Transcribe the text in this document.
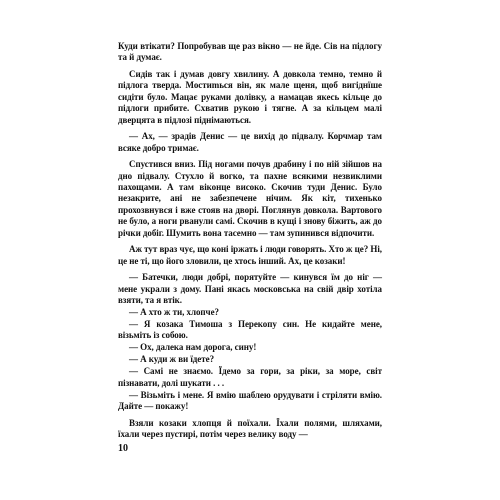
Куди втікати? Попробував ще раз вікно — не йде. Сів на підлогу та й думає.

Сидів так і думав довгу хвилину. А довкола темно, темно й підлога тверда. Мостиmься він, як мале щеня, щоб вигіднїше сидіти було. Мацає руками долівку, а намацав якесь кільце до підлоги прибите. Схватив рукою і тягне. А за кільцем малі дверцята в підлозі піднімаються.

— Ах, — зрадів Денис — це вихід до підвалу. Корчмар там всяке добро тримає.

Спустився вниз. Під ногами почув драбину і по ній зійшов на дно підвалу. Стухло й вогко, та пахне всякими незвиклими пахощами. А там віконце високо. Скочив туди Денис. Було незакрите, ані не забезпечене нічим. Як кіт, тихенько прохозвнувся і вже стояв на дворі. Поглянув довкола. Вартового не було, а ноги рванули самі. Скочив в кущі і знову біжить, аж до річки добіг. Шумить вона тасемно — там зупинився відпочити.

Аж тут враз чує, що коні іржать і люди говорять. Хто ж це? Ні, це не ті, що його зловили, це хтось інший. Ах, це козаки!

— Батечки, люди добрі, порятуйте — кинувся їм до ніг — мене украли з дому. Пані якась московська на свій двір хотіла взяти, та я втік.

— А хто ж ти, хлопче?

— Я козака Тимоша з Перекопу син. Не кидайте мене, візьміть із собою.

— Ох, далека нам дорога, сину!

— А куди ж ви їдете?

— Самі не знаємо. Їдемо за гори, за ріки, за море, світ пізнавати, долі шукати . . .

— Візьміть і мене. Я вмію шаблею орудувати і стріляти вмію. Дайте — покажу!

Взяли козаки хлопця й поїхали. Їхали полями, шляхами, їхали через пустирі, потім через велику воду —

10
